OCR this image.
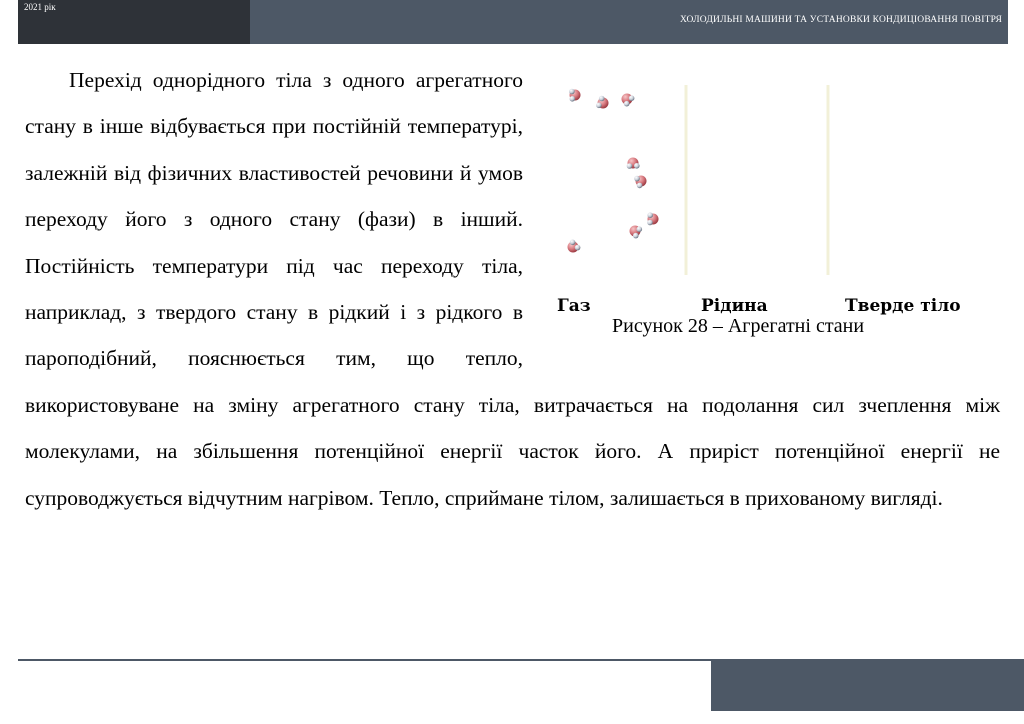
2021 рік
ХОЛОДИЛЬНІ МАШИНИ ТА УСТАНОВКИ КОНДИЦІОВАННЯ ПОВІТРЯ
Газ	Рідина	Тверде тіло
Рисунок 28 – Агрегатні стани

Перехід однорідного тіла з одного агрегатного стану в інше відбувається при постійній температурі, залежній від фізичних властивостей речовини й умов переходу його з одного стану (фази) в інший. Постійність температури під час переходу тіла, наприклад, з твердого стану в рідкий і з рідкого в пароподібний, пояснюється тим, що тепло, використовуване на зміну агрегатного стану тіла, витрачається на подолання сил зчеплення між молекулами, на збільшення потенційної енергії часток його. А приріст потенційної енергії не супроводжується відчутним нагрівом. Тепло, сприймане тілом, залишається в прихованому вигляді.
